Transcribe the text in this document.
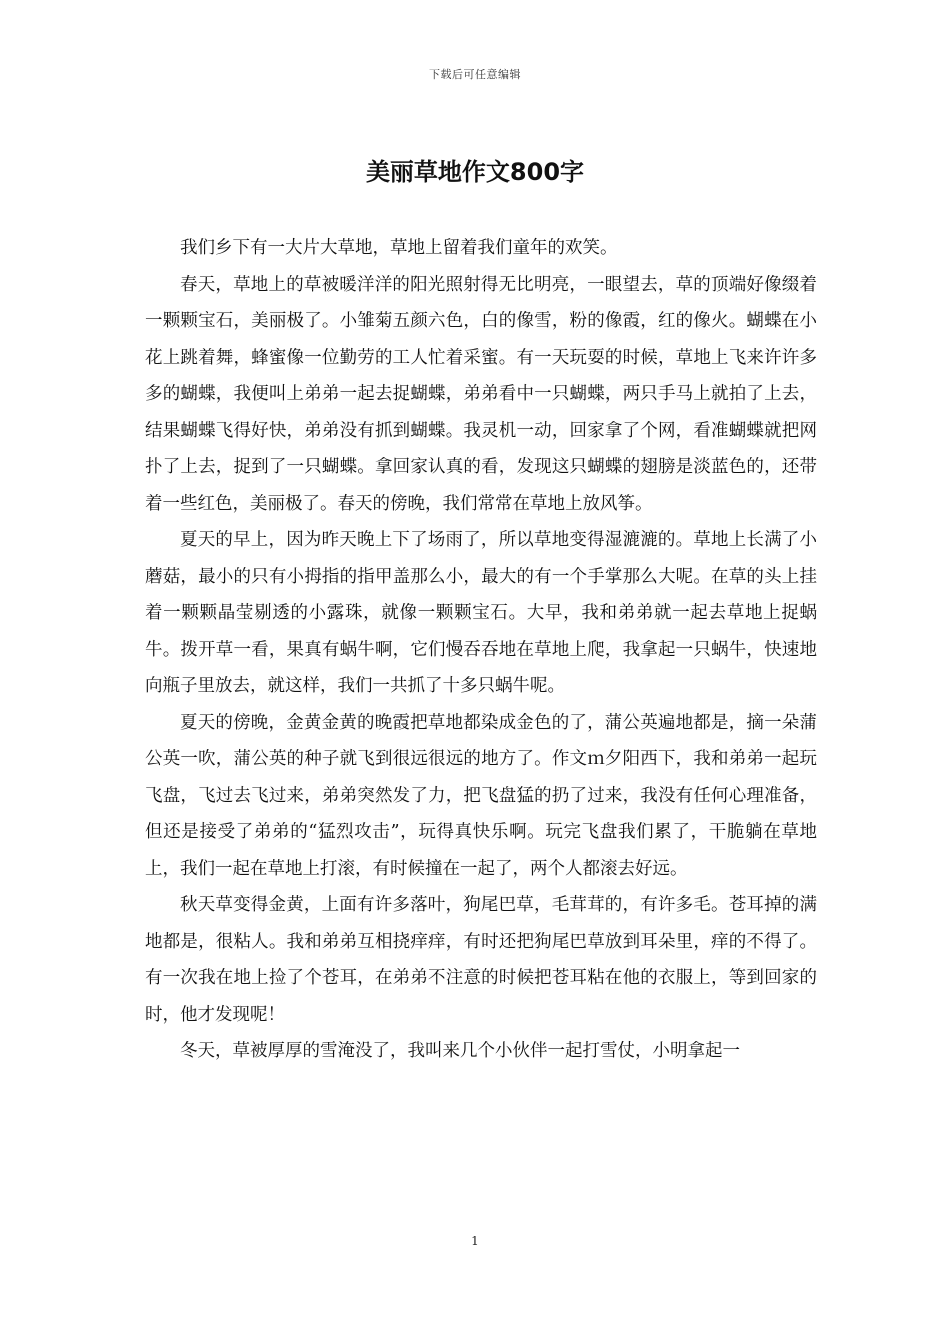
下载后可任意编辑
美丽草地作文800字

我们乡下有一大片大草地，草地上留着我们童年的欢笑。

春天，草地上的草被暖洋洋的阳光照射得无比明亮，一眼望去，草的顶端好像缀着一颗颗宝石，美丽极了。小雏菊五颜六色，白的像雪，粉的像霞，红的像火。蝴蝶在小花上跳着舞，蜂蜜像一位勤劳的工人忙着采蜜。有一天玩耍的时候，草地上飞来许许多多的蝴蝶，我便叫上弟弟一起去捉蝴蝶，弟弟看中一只蝴蝶，两只手马上就拍了上去，结果蝴蝶飞得好快，弟弟没有抓到蝴蝶。我灵机一动，回家拿了个网，看准蝴蝶就把网扑了上去，捉到了一只蝴蝶。拿回家认真的看，发现这只蝴蝶的翅膀是淡蓝色的，还带着一些红色，美丽极了。春天的傍晚，我们常常在草地上放风筝。

夏天的早上，因为昨天晚上下了场雨了，所以草地变得湿漉漉的。草地上长满了小蘑菇，最小的只有小拇指的指甲盖那么小，最大的有一个手掌那么大呢。在草的头上挂着一颗颗晶莹剔透的小露珠，就像一颗颗宝石。大早，我和弟弟就一起去草地上捉蜗牛。拨开草一看，果真有蜗牛啊，它们慢吞吞地在草地上爬，我拿起一只蜗牛，快速地向瓶子里放去，就这样，我们一共抓了十多只蜗牛呢。

夏天的傍晚，金黄金黄的晚霞把草地都染成金色的了，蒲公英遍地都是，摘一朵蒲公英一吹，蒲公英的种子就飞到很远很远的地方了。作文ｍ夕阳西下，我和弟弟一起玩飞盘，飞过去飞过来，弟弟突然发了力，把飞盘猛的扔了过来，我没有任何心理准备，但还是接受了弟弟的“猛烈攻击”，玩得真快乐啊。玩完飞盘我们累了，干脆躺在草地上，我们一起在草地上打滚，有时候撞在一起了，两个人都滚去好远。

秋天草变得金黄，上面有许多落叶，狗尾巴草，毛茸茸的，有许多毛。苍耳掉的满地都是，很粘人。我和弟弟互相挠痒痒，有时还把狗尾巴草放到耳朵里，痒的不得了。有一次我在地上捡了个苍耳，在弟弟不注意的时候把苍耳粘在他的衣服上，等到回家的时，他才发现呢！

冬天，草被厚厚的雪淹没了，我叫来几个小伙伴一起打雪仗，小明拿起一

1
